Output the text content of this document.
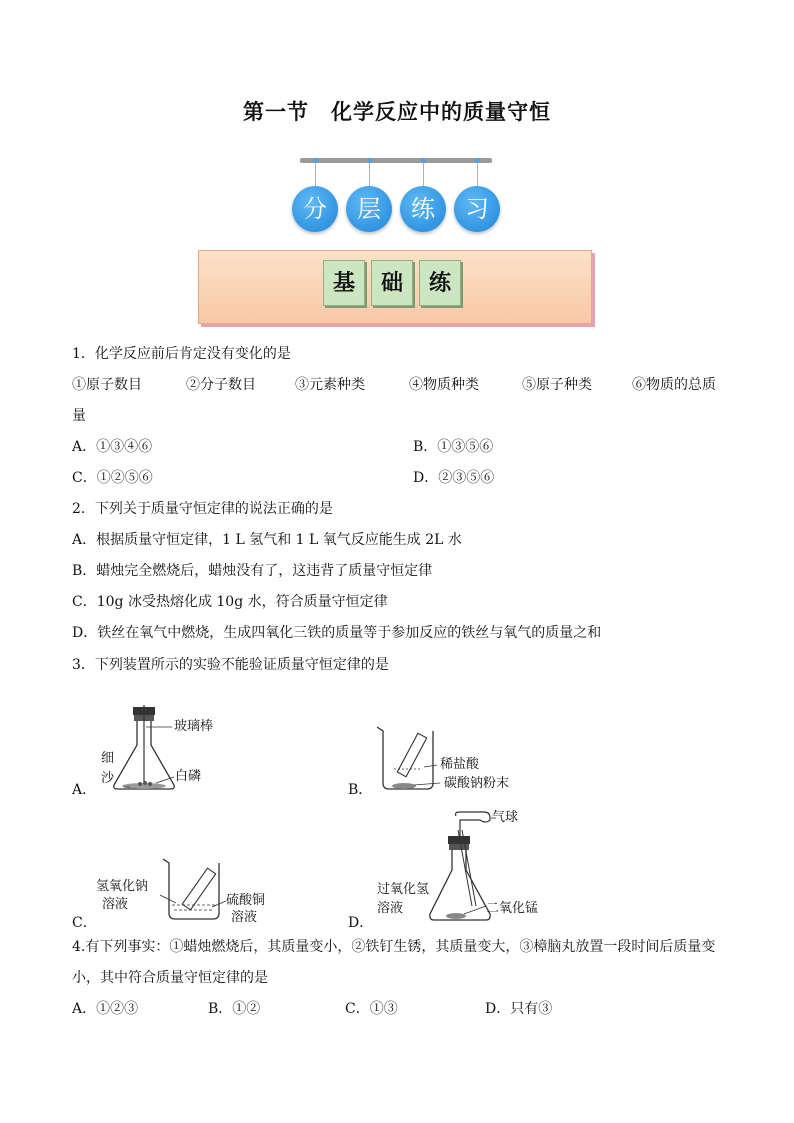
第一节　化学反应中的质量守恒
分	层	练	习
基	础	练
1．化学反应前后肯定没有变化的是
①原子数目	②分子数目	③元素种类	④物质种类	⑤原子种类	⑥物质的总质
量
A．①③④⑥	B．①③⑤⑥
C．①②⑤⑥	D．②③⑤⑥
2．下列关于质量守恒定律的说法正确的是
A．根据质量守恒定律，1 L 氢气和 1 L 氧气反应能生成 2L 水
B．蜡烛完全燃烧后，蜡烛没有了，这违背了质量守恒定律
C．10g 冰受热熔化成 10g 水，符合质量守恒定律
D．铁丝在氧气中燃烧，生成四氧化三铁的质量等于参加反应的铁丝与氧气的质量之和
3．下列装置所示的实验不能验证质量守恒定律的是
玻璃棒
细
沙	白磷
A．
稀盐酸
碳酸钠粉末
B．
氢氧化钠
溶液	硫酸铜
溶液
C．
气球
过氧化氢
溶液	二氧化锰
D．
4.有下列事实：①蜡烛燃烧后，其质量变小，②铁钉生锈，其质量变大，③樟脑丸放置一段时间后质量变
小，其中符合质量守恒定律的是
A．①②③	B．①②	C．①③	D．只有③
